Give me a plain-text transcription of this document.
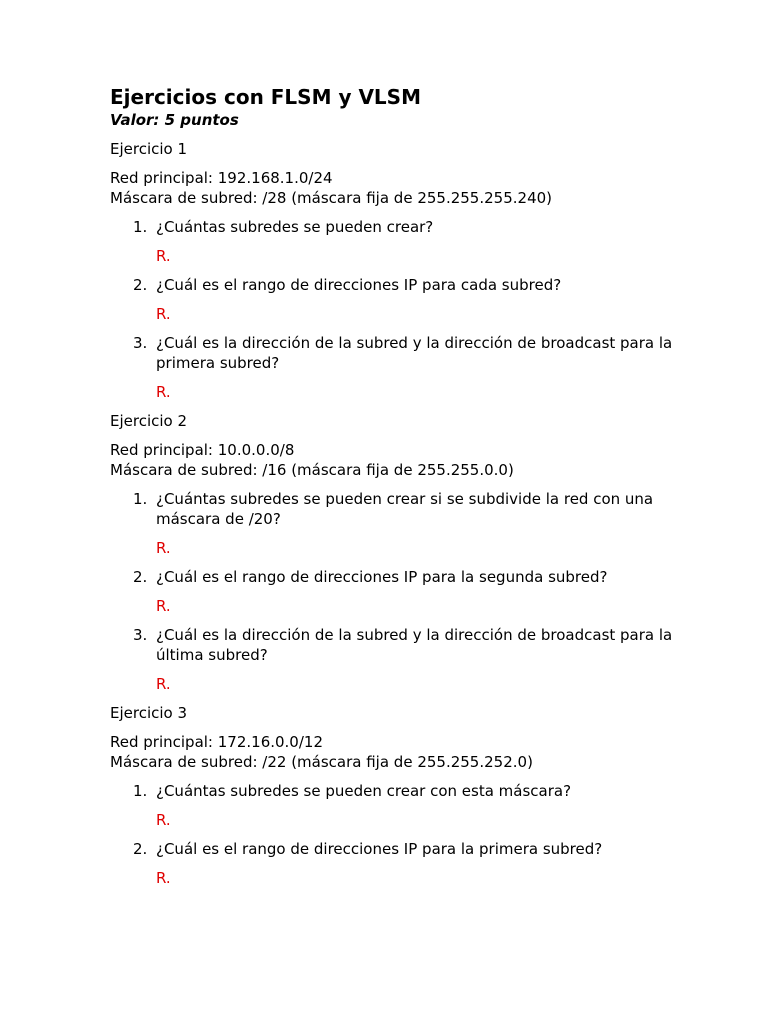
Ejercicios con FLSM y VLSM
Valor: 5 puntos
Ejercicio 1
Red principal: 192.168.1.0/24
Máscara de subred: /28 (máscara fija de 255.255.255.240)
1. ¿Cuántas subredes se pueden crear?
R.
2. ¿Cuál es el rango de direcciones IP para cada subred?
R.
3. ¿Cuál es la dirección de la subred y la dirección de broadcast para la primera subred?
R.
Ejercicio 2
Red principal: 10.0.0.0/8
Máscara de subred: /16 (máscara fija de 255.255.0.0)
1. ¿Cuántas subredes se pueden crear si se subdivide la red con una máscara de /20?
R.
2. ¿Cuál es el rango de direcciones IP para la segunda subred?
R.
3. ¿Cuál es la dirección de la subred y la dirección de broadcast para la última subred?
R.
Ejercicio 3
Red principal: 172.16.0.0/12
Máscara de subred: /22 (máscara fija de 255.255.252.0)
1. ¿Cuántas subredes se pueden crear con esta máscara?
R.
2. ¿Cuál es el rango de direcciones IP para la primera subred?
R.
